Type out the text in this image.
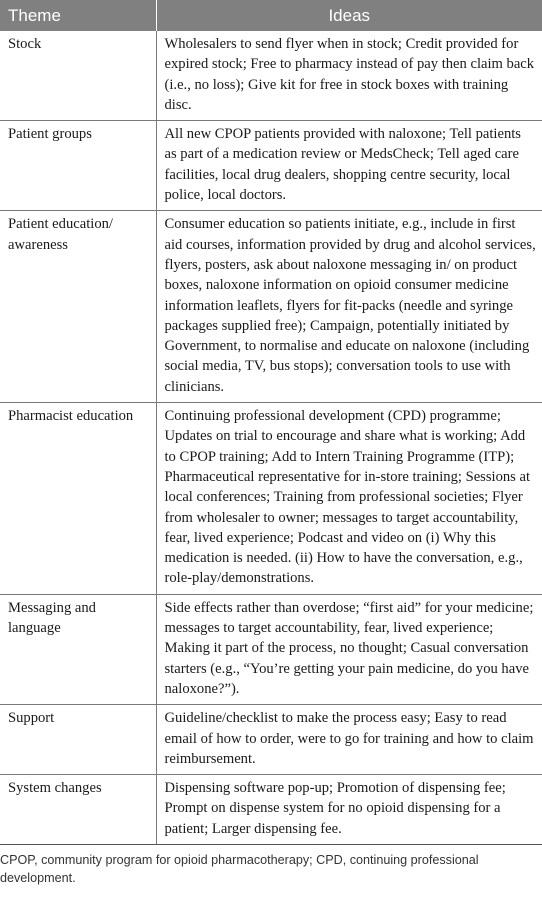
Theme	Ideas
Stock	Wholesalers to send flyer when in stock; Credit provided for expired stock; Free to pharmacy instead of pay then claim back (i.e., no loss); Give kit for free in stock boxes with training disc.
Patient groups	All new CPOP patients provided with naloxone; Tell patients as part of a medication review or MedsCheck; Tell aged care facilities, local drug dealers, shopping centre security, local police, local doctors.
Patient education/ awareness	Consumer education so patients initiate, e.g., include in first aid courses, information provided by drug and alcohol services, flyers, posters, ask about naloxone messaging in/ on product boxes, naloxone information on opioid consumer medicine information leaflets, flyers for fit-packs (needle and syringe packages supplied free); Campaign, potentially initiated by Government, to normalise and educate on naloxone (including social media, TV, bus stops); conversation tools to use with clinicians.
Pharmacist education	Continuing professional development (CPD) programme; Updates on trial to encourage and share what is working; Add to CPOP training; Add to Intern Training Programme (ITP); Pharmaceutical representative for in-store training; Sessions at local conferences; Training from professional societies; Flyer from wholesaler to owner; messages to target accountability, fear, lived experience; Podcast and video on (i) Why this medication is needed. (ii) How to have the conversation, e.g., role-play/demonstrations.
Messaging and language	Side effects rather than overdose; “first aid” for your medicine; messages to target accountability, fear, lived experience; Making it part of the process, no thought; Casual conversation starters (e.g., “You’re getting your pain medicine, do you have naloxone?”).
Support	Guideline/checklist to make the process easy; Easy to read email of how to order, were to go for training and how to claim reimbursement.
System changes	Dispensing software pop-up; Promotion of dispensing fee; Prompt on dispense system for no opioid dispensing for a patient; Larger dispensing fee.
CPOP, community program for opioid pharmacotherapy; CPD, continuing professional development.
